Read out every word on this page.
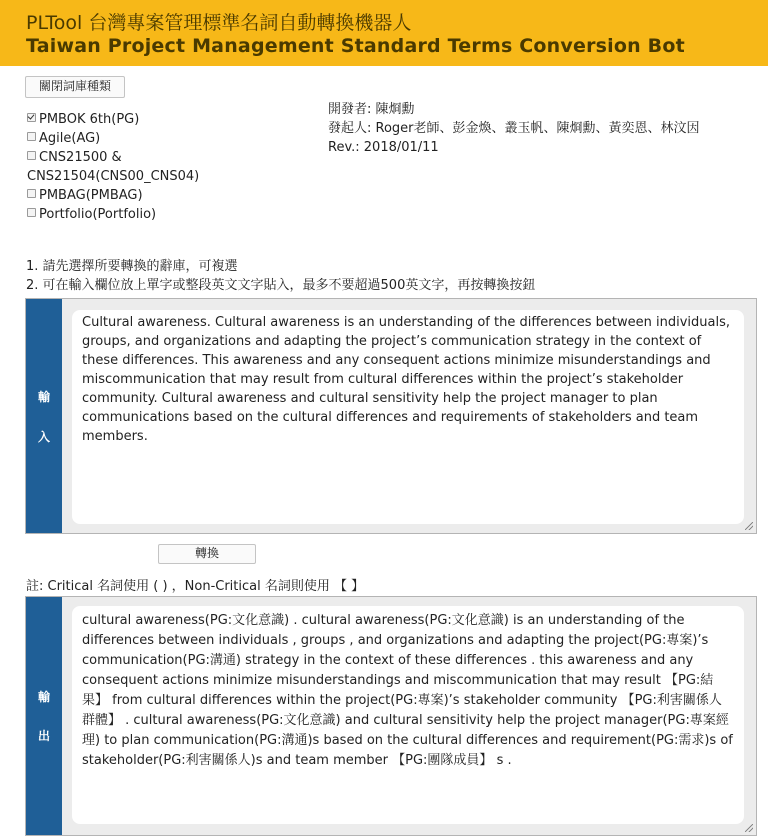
PLTool 台灣專案管理標準名詞自動轉換機器人
Taiwan Project Management Standard Terms Conversion Bot
關閉詞庫種類
PMBOK 6th(PG)
Agile(AG)
CNS21500 & CNS21504(CNS00_CNS04)
PMBAG(PMBAG)
Portfolio(Portfolio)
開發者: 陳烱勳
發起人: Roger老師、彭金煥、叢玉帆、陳烱勳、黃奕恩、林汶因
Rev.: 2018/01/11
1. 請先選擇所要轉換的辭庫，可複選
2. 可在輸入欄位放上單字或整段英文文字貼入，最多不要超過500英文字，再按轉換按鈕
輸
入
Cultural awareness. Cultural awareness is an understanding of the differences between individuals, groups, and organizations and adapting the project’s communication strategy in the context of these differences. This awareness and any consequent actions minimize misunderstandings and miscommunication that may result from cultural differences within the project’s stakeholder community. Cultural awareness and cultural sensitivity help the project manager to plan communications based on the cultural differences and requirements of stakeholders and team members.
轉換
註: Critical 名詞使用 ( ) ，Non-Critical 名詞則使用 【 】
輸
出
cultural awareness(PG:文化意識) . cultural awareness(PG:文化意識) is an understanding of the differences between individuals , groups , and organizations and adapting the project(PG:專案)’s communication(PG:溝通) strategy in the context of these differences . this awareness and any consequent actions minimize misunderstandings and miscommunication that may result 【PG:結果】 from cultural differences within the project(PG:專案)’s stakeholder community 【PG:利害關係人群體】 . cultural awareness(PG:文化意識) and cultural sensitivity help the project manager(PG:專案經理) to plan communication(PG:溝通)s based on the cultural differences and requirement(PG:需求)s of stakeholder(PG:利害關係人)s and team member 【PG:團隊成員】 s .
